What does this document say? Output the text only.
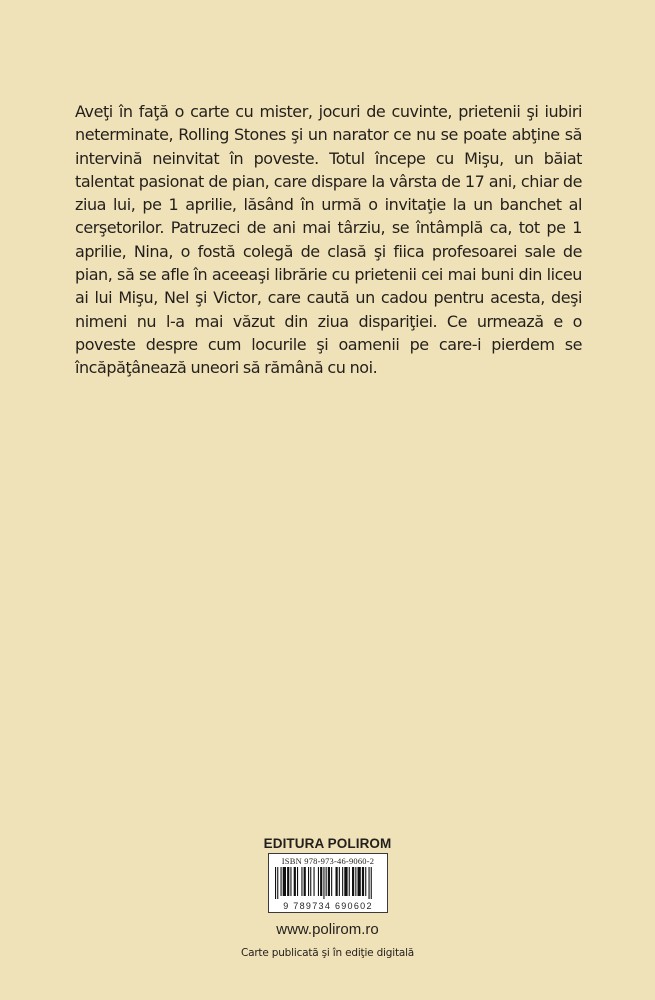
Aveţi în faţă o carte cu mister, jocuri de cuvinte, prietenii şi iubiri neterminate, Rolling Stones şi un narator ce nu se poate abţine să intervină neinvitat în poveste. Totul începe cu Mişu, un băiat talentat pasionat de pian, care dispare la vârsta de 17 ani, chiar de ziua lui, pe 1 aprilie, lăsând în urmă o invitaţie la un banchet al cerşetorilor. Patruzeci de ani mai târziu, se întâmplă ca, tot pe 1 aprilie, Nina, o fostă colegă de clasă şi fiica profesoarei sale de pian, să se afle în aceeaşi librărie cu prietenii cei mai buni din liceu ai lui Mişu, Nel şi Victor, care caută un cadou pentru acesta, deşi nimeni nu l-a mai văzut din ziua dispariţiei. Ce urmează e o poveste despre cum locurile şi oamenii pe care-i pierdem se încăpăţânează uneori să rămână cu noi.

EDITURA POLIROM
ISBN 978-973-46-9060-2
9 789734 690602
www.polirom.ro
Carte publicată şi în ediţie digitală
